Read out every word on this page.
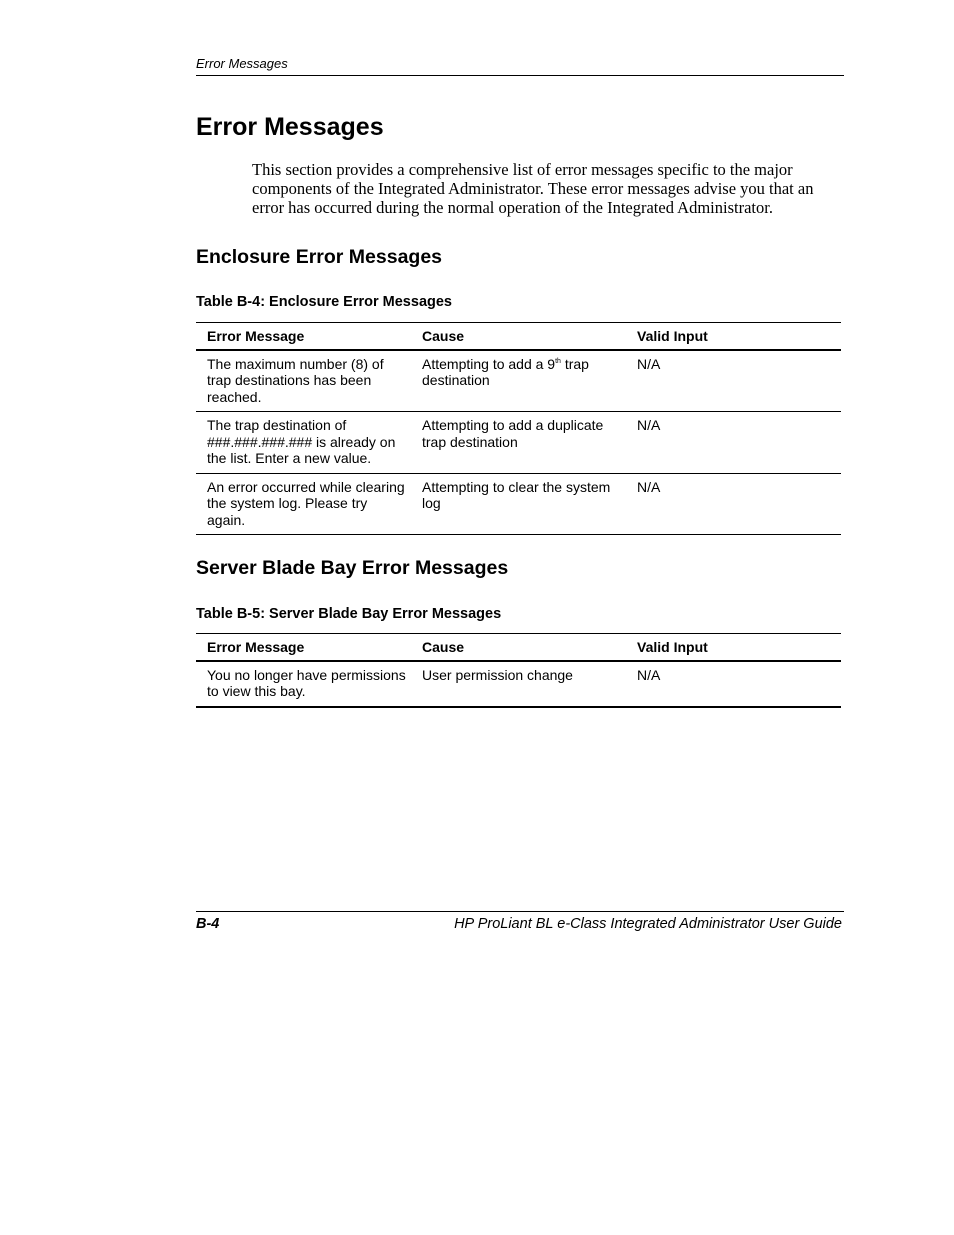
Error Messages
Error Messages

This section provides a comprehensive list of error messages specific to the major components of the Integrated Administrator. These error messages advise you that an error has occurred during the normal operation of the Integrated Administrator.

Enclosure Error Messages

Table B-4: Enclosure Error Messages

Error Message	Cause	Valid Input
The maximum number (8) of trap destinations has been reached.	Attempting to add a 9th trap destination	N/A
The trap destination of ###.###.###.### is already on the list. Enter a new value.	Attempting to add a duplicate trap destination	N/A
An error occurred while clearing the system log. Please try again.	Attempting to clear the system log	N/A
Server Blade Bay Error Messages

Table B-5: Server Blade Bay Error Messages

Error Message	Cause	Valid Input
You no longer have permissions to view this bay.	User permission change	N/A
B-4	HP ProLiant BL e-Class Integrated Administrator User Guide
